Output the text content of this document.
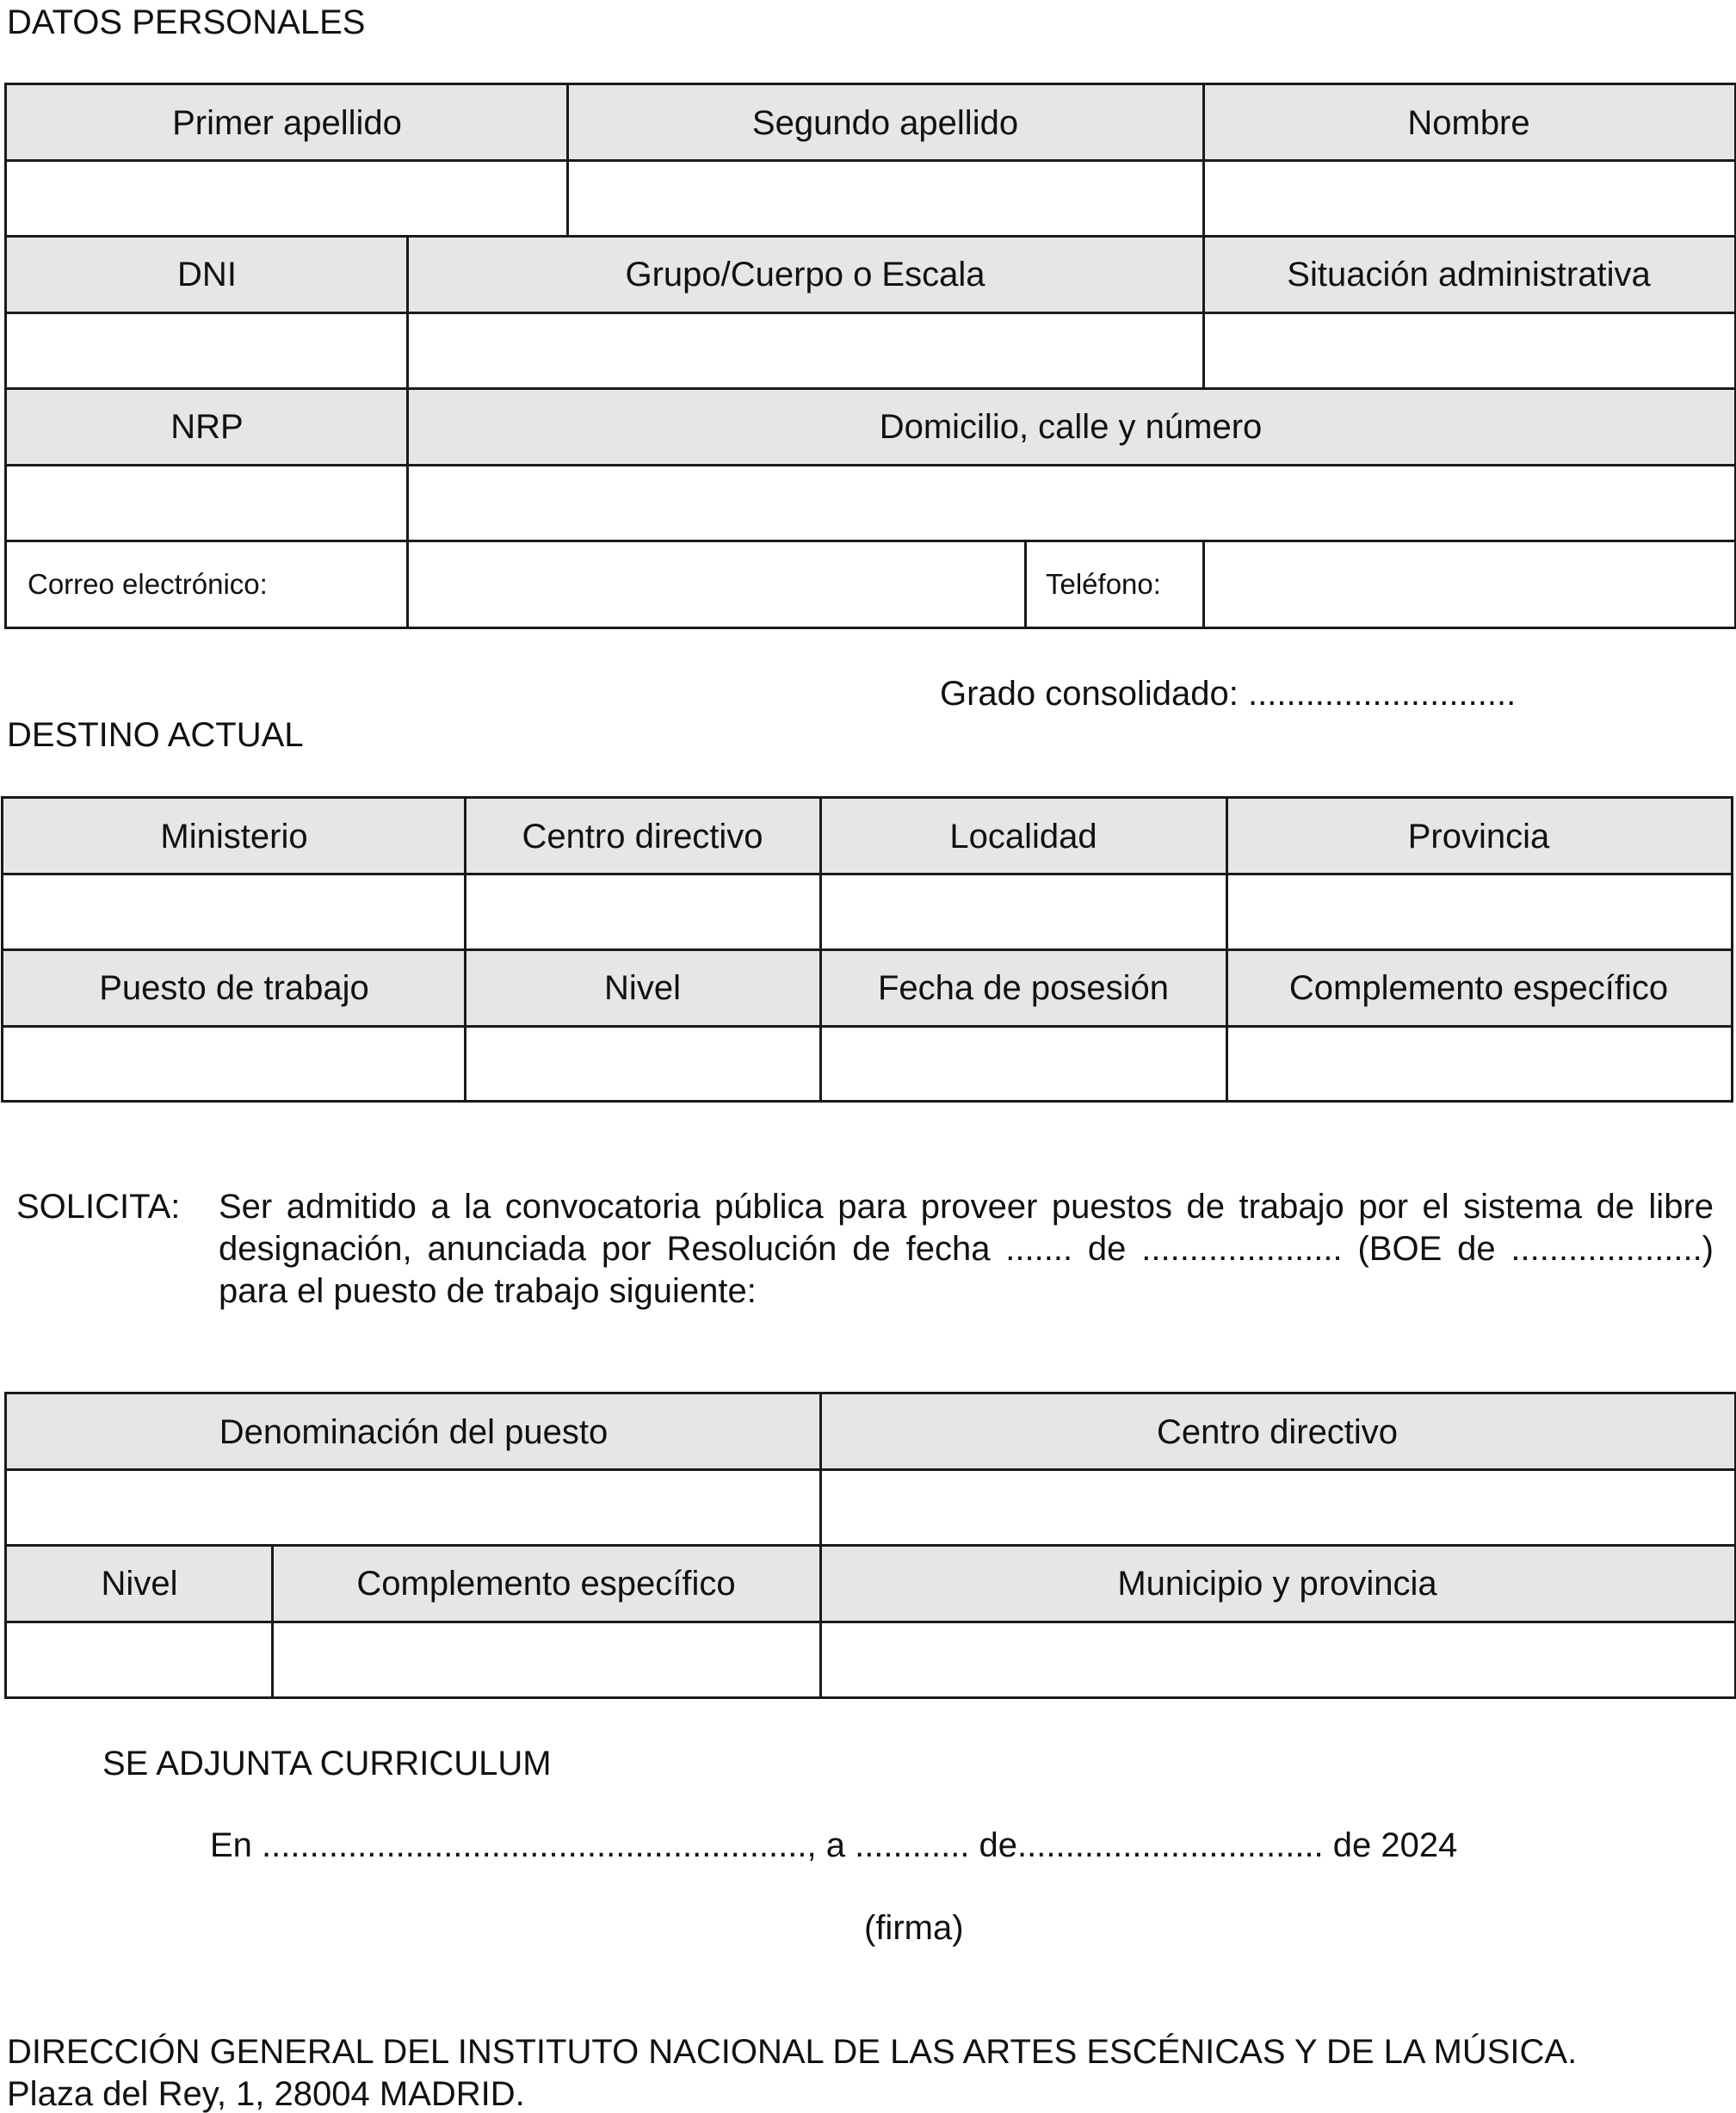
DATOS PERSONALES
Primer apellido	Segundo apellido	Nombre
DNI	Grupo/Cuerpo o Escala	Situación administrativa
NRP	Domicilio, calle y número
Correo electrónico:	Teléfono:
Grado consolidado: ............................
DESTINO ACTUAL
Ministerio	Centro directivo	Localidad	Provincia
Puesto de trabajo	Nivel	Fecha de posesión	Complemento específico
SOLICITA: Ser admitido a la convocatoria pública para proveer puestos de trabajo por el sistema de libre
designación, anunciada por Resolución de fecha ....... de ..................... (BOE de ....................)
para el puesto de trabajo siguiente:
Denominación del puesto	Centro directivo
Nivel	Complemento específico	Municipio y provincia
SE ADJUNTA CURRICULUM
En ........................................................., a ............ de................................ de 2024
(firma)
DIRECCIÓN GENERAL DEL INSTITUTO NACIONAL DE LAS ARTES ESCÉNICAS Y DE LA MÚSICA.
Plaza del Rey, 1, 28004 MADRID.
